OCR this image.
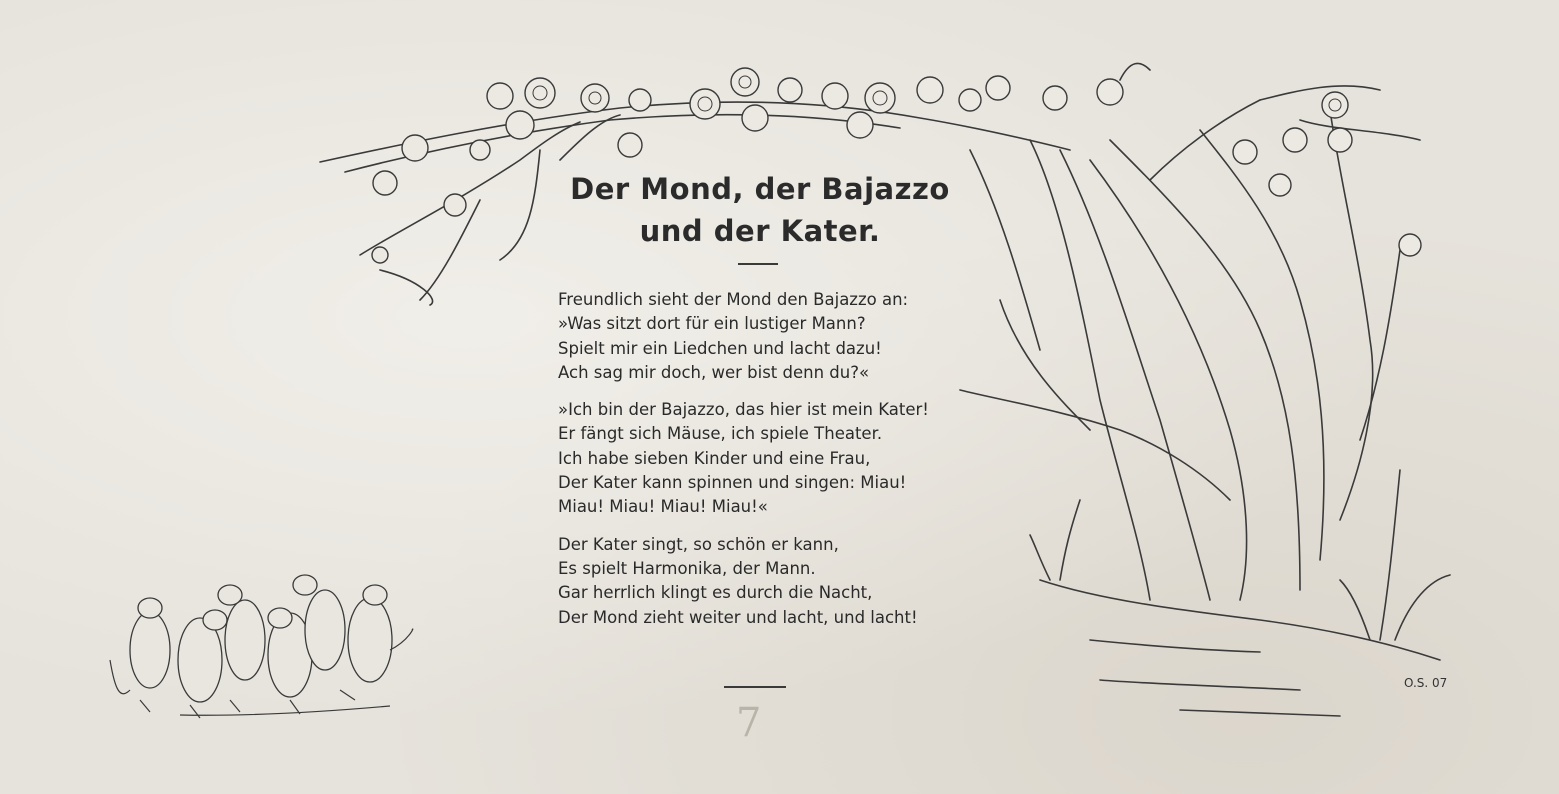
Der Mond, der Bajazzo
und der Kater.
Freundlich sieht der Mond den Bajazzo an:
»Was sitzt dort für ein lustiger Mann?
Spielt mir ein Liedchen und lacht dazu!
Ach sag mir doch, wer bist denn du?«
»Ich bin der Bajazzo, das hier ist mein Kater!
Er fängt sich Mäuse, ich spiele Theater.
Ich habe sieben Kinder und eine Frau,
Der Kater kann spinnen und singen: Miau!
Miau! Miau! Miau! Miau!«
Der Kater singt, so schön er kann,
Es spielt Harmonika, der Mann.
Gar herrlich klingt es durch die Nacht,
Der Mond zieht weiter und lacht, und lacht!
7
O.S. 07
